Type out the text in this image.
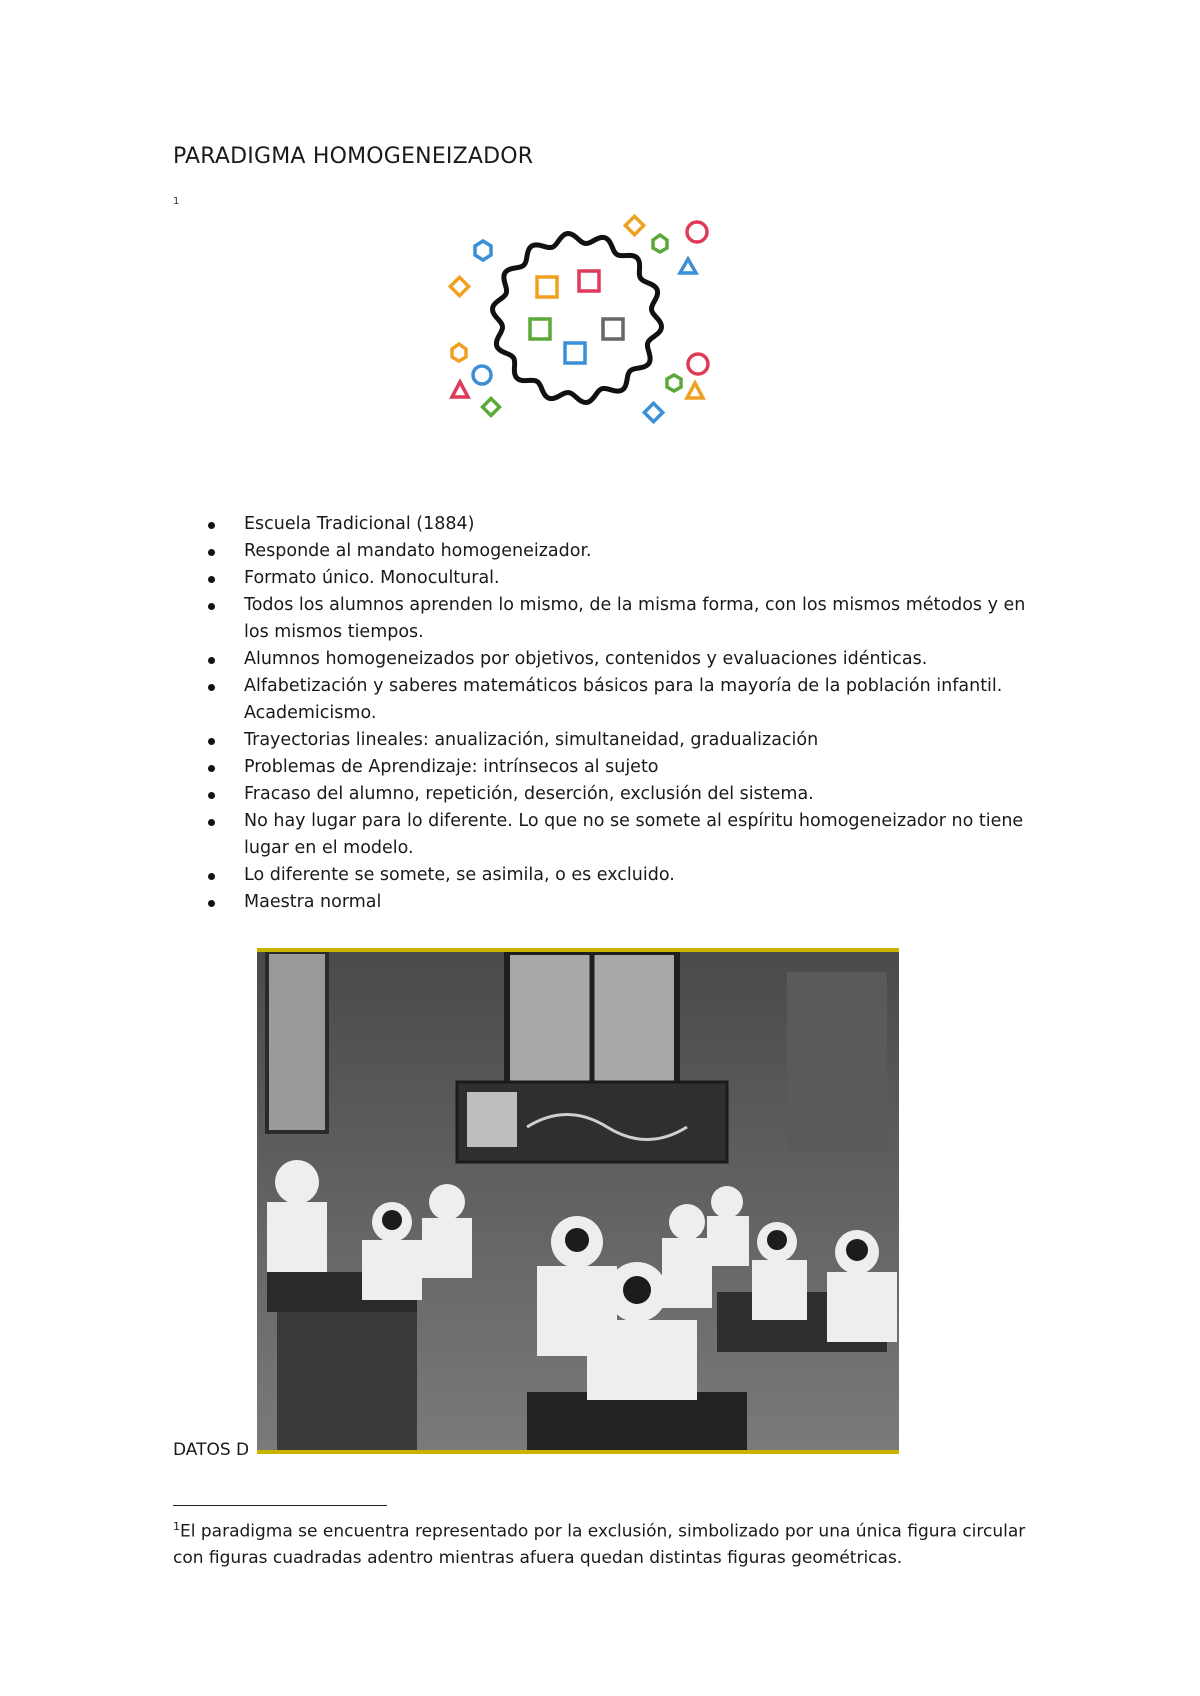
PARADIGMA HOMOGENEIZADOR
1
Escuela Tradicional (1884)
Responde al mandato homogeneizador.
Formato único. Monocultural.
Todos los alumnos aprenden lo mismo, de la misma forma, con los mismos métodos y en los mismos tiempos.
Alumnos homogeneizados por objetivos, contenidos y evaluaciones idénticas.
Alfabetización y saberes matemáticos básicos para la mayoría de la población infantil. Academicismo.
Trayectorias lineales: anualización, simultaneidad, gradualización
Problemas de Aprendizaje: intrínsecos al sujeto
Fracaso del alumno, repetición, deserción, exclusión del sistema.
No hay lugar para lo diferente. Lo que no se somete al espíritu homogeneizador no tiene lugar en el modelo.
Lo diferente se somete, se asimila, o es excluido.
Maestra normal
DATOS D
$^1$El paradigma se encuentra representado por la exclusión, simbolizado por una única figura circular con figuras cuadradas adentro mientras afuera quedan distintas figuras geométricas.
